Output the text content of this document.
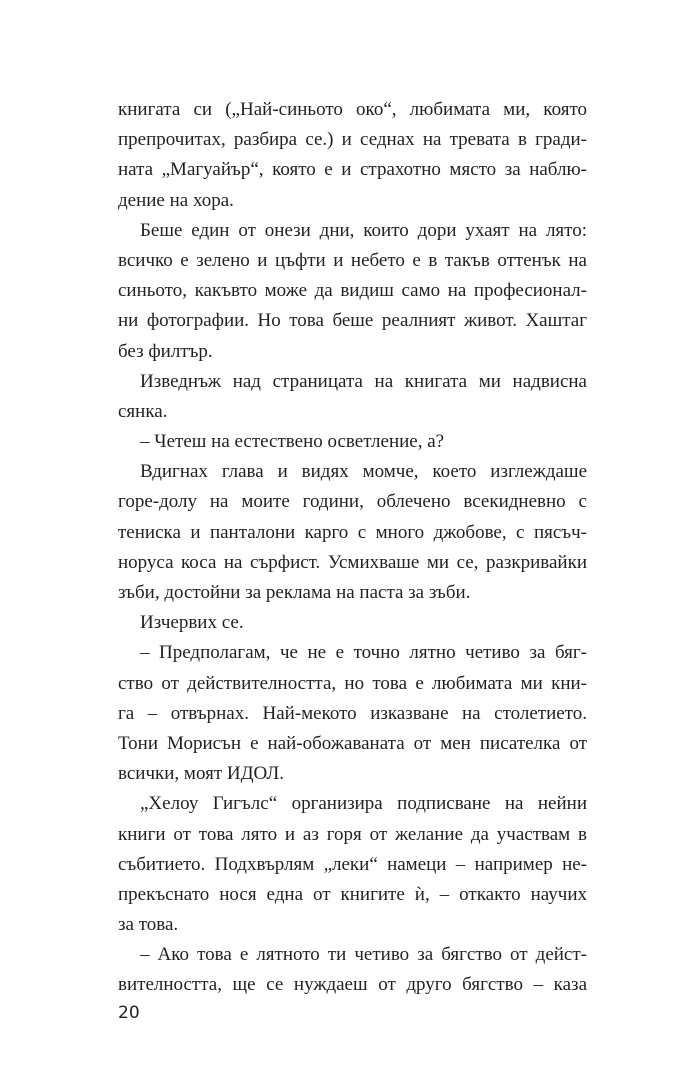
книгата си („Най-синьото око“, любимата ми, която
препрочитах, разбира се.) и седнах на тревата в гради-
ната „Магуайър“, която е и страхотно място за наблю-
дение на хора.
Беше един от онези дни, които дори ухаят на лято:
всичко е зелено и цъфти и небето е в такъв оттенък на
синьото, какъвто може да видиш само на професионал-
ни фотографии. Но това беше реалният живот. Хаштаг
без филтър.
Изведнъж над страницата на книгата ми надвисна
сянка.
– Четеш на естествено осветление, а?
Вдигнах глава и видях момче, което изглеждаше
горе-долу на моите години, облечено всекидневно с
тениска и панталони карго с много джобове, с пясъч-
норуса коса на сърфист. Усмихваше ми се, разкривайки
зъби, достойни за реклама на паста за зъби.
Изчервих се.
– Предполагам, че не е точно лятно четиво за бяг-
ство от действителността, но това е любимата ми кни-
га – отвърнах. Най-мекото изказване на столетието.
Тони Морисън е най-обожаваната от мен писателка от
всички, моят ИДОЛ.
„Хелоу Гигълс“ организира подписване на нейни
книги от това лято и аз горя от желание да участвам в
събитието. Подхвърлям „леки“ намеци – например не-
прекъснато нося една от книгите ѝ, – откакто научих
за това.
– Ако това е лятното ти четиво за бягство от дейст-
вителността, ще се нуждаеш от друго бягство – каза
20
